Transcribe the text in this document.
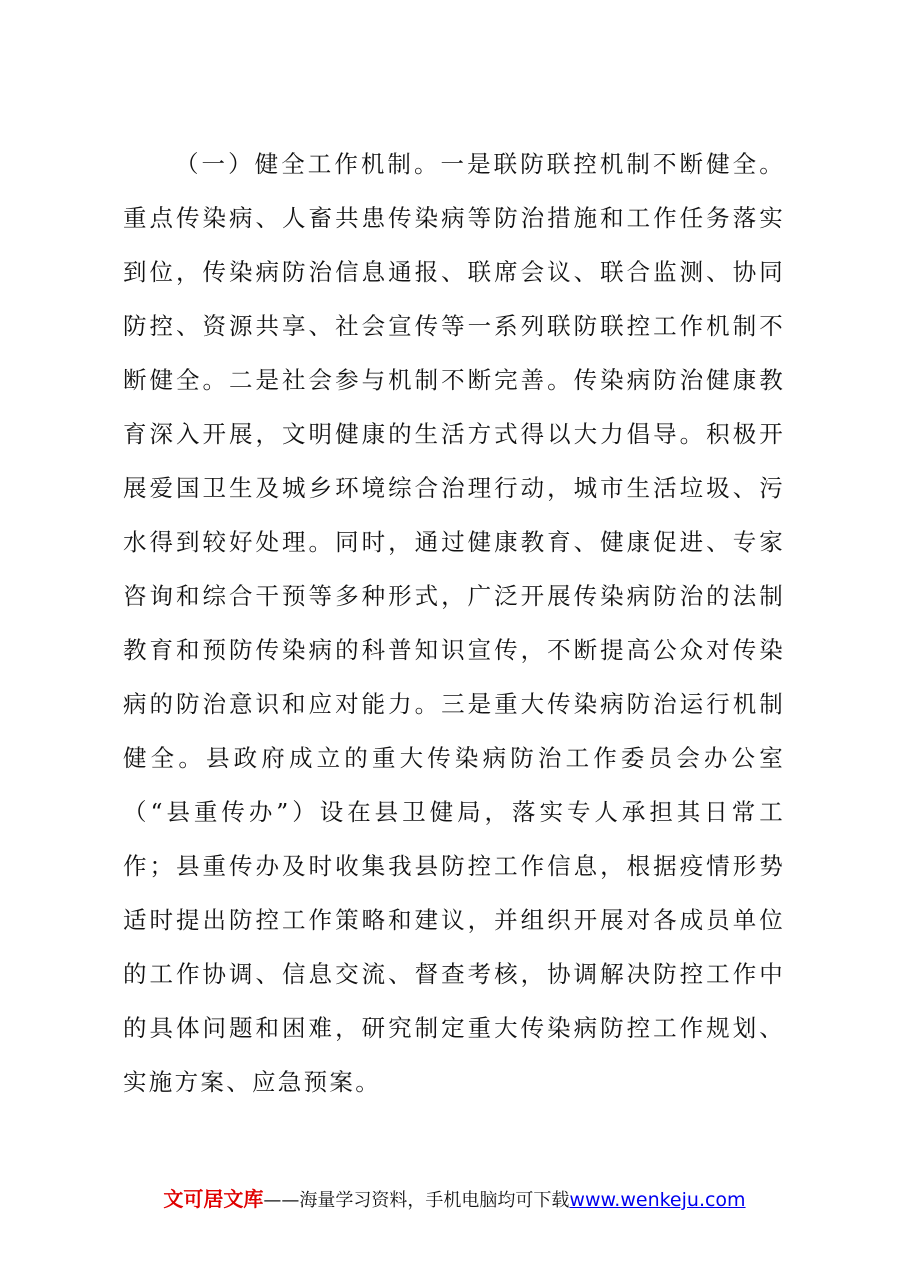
（一）健全工作机制。一是联防联控机制不断健全。重点传染病、人畜共患传染病等防治措施和工作任务落实到位，传染病防治信息通报、联席会议、联合监测、协同防控、资源共享、社会宣传等一系列联防联控工作机制不断健全。二是社会参与机制不断完善。传染病防治健康教育深入开展，文明健康的生活方式得以大力倡导。积极开展爱国卫生及城乡环境综合治理行动，城市生活垃圾、污水得到较好处理。同时，通过健康教育、健康促进、专家咨询和综合干预等多种形式，广泛开展传染病防治的法制教育和预防传染病的科普知识宣传，不断提高公众对传染病的防治意识和应对能力。三是重大传染病防治运行机制健全。县政府成立的重大传染病防治工作委员会办公室（“县重传办”）设在县卫健局，落实专人承担其日常工作；县重传办及时收集我县防控工作信息，根据疫情形势适时提出防控工作策略和建议，并组织开展对各成员单位的工作协调、信息交流、督查考核，协调解决防控工作中的具体问题和困难，研究制定重大传染病防控工作规划、实施方案、应急预案。

文可居文库——海量学习资料，手机电脑均可下载www.wenkeju.com
